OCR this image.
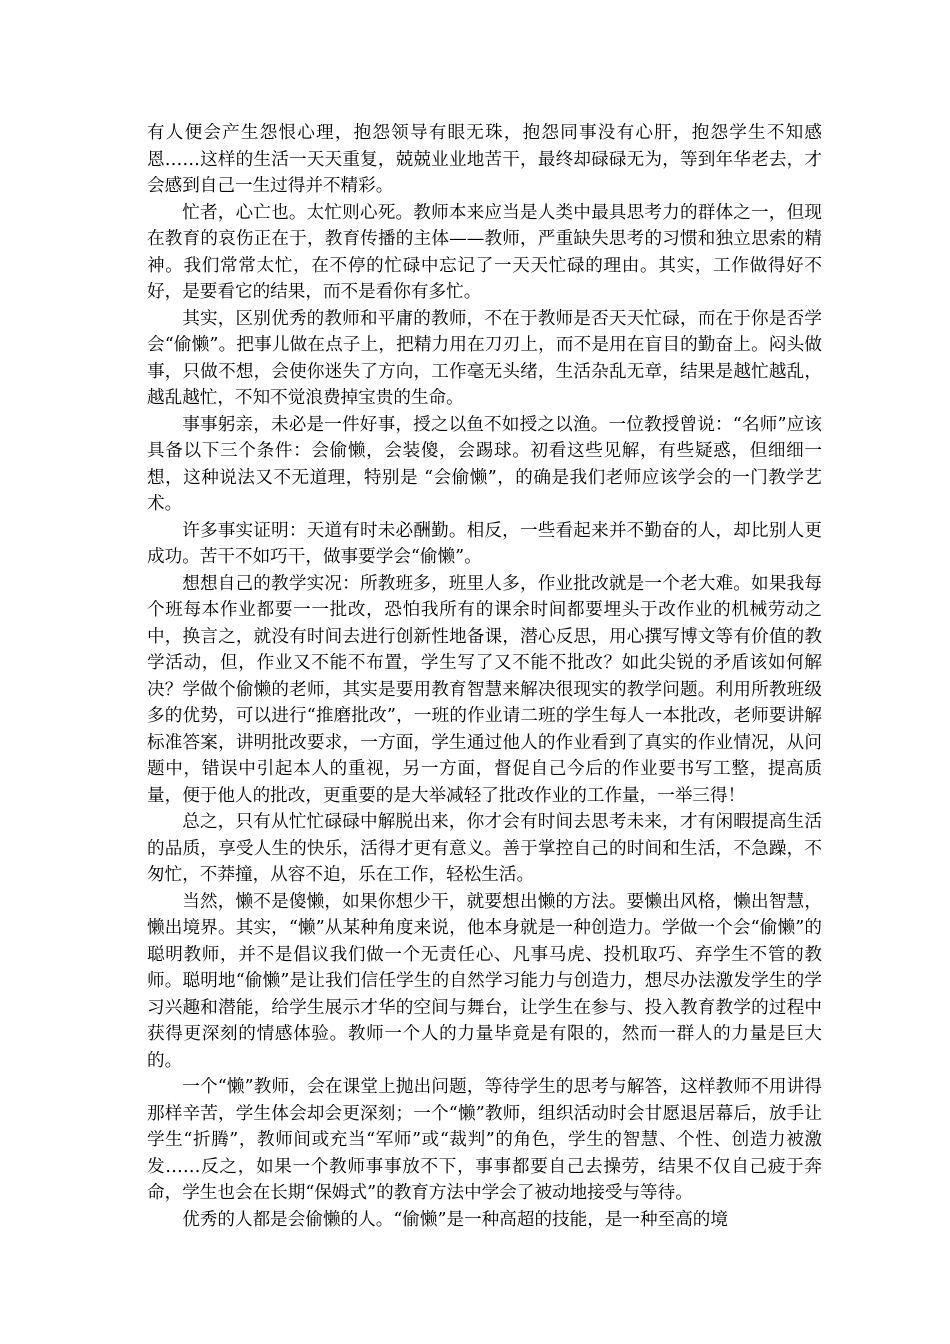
有人便会产生怨恨心理，抱怨领导有眼无珠，抱怨同事没有心肝，抱怨学生不知感恩……这样的生活一天天重复，兢兢业业地苦干，最终却碌碌无为，等到年华老去，才会感到自己一生过得并不精彩。

忙者，心亡也。太忙则心死。教师本来应当是人类中最具思考力的群体之一，但现在教育的哀伤正在于，教育传播的主体——教师，严重缺失思考的习惯和独立思索的精神。我们常常太忙，在不停的忙碌中忘记了一天天忙碌的理由。其实，工作做得好不好，是要看它的结果，而不是看你有多忙。

其实，区别优秀的教师和平庸的教师，不在于教师是否天天忙碌，而在于你是否学会“偷懒”。把事儿做在点子上，把精力用在刀刃上，而不是用在盲目的勤奋上。闷头做事，只做不想，会使你迷失了方向，工作毫无头绪，生活杂乱无章，结果是越忙越乱，越乱越忙，不知不觉浪费掉宝贵的生命。

事事躬亲，未必是一件好事，授之以鱼不如授之以渔。一位教授曾说：“名师”应该具备以下三个条件：会偷懒，会装傻，会踢球。初看这些见解，有些疑惑，但细细一想，这种说法又不无道理，特别是 “会偷懒”，的确是我们老师应该学会的一门教学艺术。

许多事实证明：天道有时未必酬勤。相反，一些看起来并不勤奋的人，却比别人更成功。苦干不如巧干，做事要学会“偷懒”。

想想自己的教学实况：所教班多，班里人多，作业批改就是一个老大难。如果我每个班每本作业都要一一批改，恐怕我所有的课余时间都要埋头于改作业的机械劳动之中，换言之，就没有时间去进行创新性地备课，潜心反思，用心撰写博文等有价值的教学活动，但，作业又不能不布置，学生写了又不能不批改？如此尖锐的矛盾该如何解决？学做个偷懒的老师，其实是要用教育智慧来解决很现实的教学问题。利用所教班级多的优势，可以进行“推磨批改”，一班的作业请二班的学生每人一本批改，老师要讲解标准答案，讲明批改要求，一方面，学生通过他人的作业看到了真实的作业情况，从问题中，错误中引起本人的重视，另一方面，督促自己今后的作业要书写工整，提高质量，便于他人的批改，更重要的是大举减轻了批改作业的工作量，一举三得！

总之，只有从忙忙碌碌中解脱出来，你才会有时间去思考未来，才有闲暇提高生活的品质，享受人生的快乐，活得才更有意义。善于掌控自己的时间和生活，不急躁，不匆忙，不莽撞，从容不迫，乐在工作，轻松生活。

当然，懒不是傻懒，如果你想少干，就要想出懒的方法。要懒出风格，懒出智慧，懒出境界。其实，“懒”从某种角度来说，他本身就是一种创造力。学做一个会“偷懒”的聪明教师，并不是倡议我们做一个无责任心、凡事马虎、投机取巧、弃学生不管的教师。聪明地“偷懒”是让我们信任学生的自然学习能力与创造力，想尽办法激发学生的学习兴趣和潜能，给学生展示才华的空间与舞台，让学生在参与、投入教育教学的过程中获得更深刻的情感体验。教师一个人的力量毕竟是有限的，然而一群人的力量是巨大的。

一个“懒”教师，会在课堂上抛出问题，等待学生的思考与解答，这样教师不用讲得那样辛苦，学生体会却会更深刻；一个“懒”教师，组织活动时会甘愿退居幕后，放手让学生“折腾”，教师间或充当“军师”或“裁判”的角色，学生的智慧、个性、创造力被激发……反之，如果一个教师事事放不下，事事都要自己去操劳，结果不仅自己疲于奔命，学生也会在长期“保姆式”的教育方法中学会了被动地接受与等待。

优秀的人都是会偷懒的人。“偷懒”是一种高超的技能，是一种至高的境
